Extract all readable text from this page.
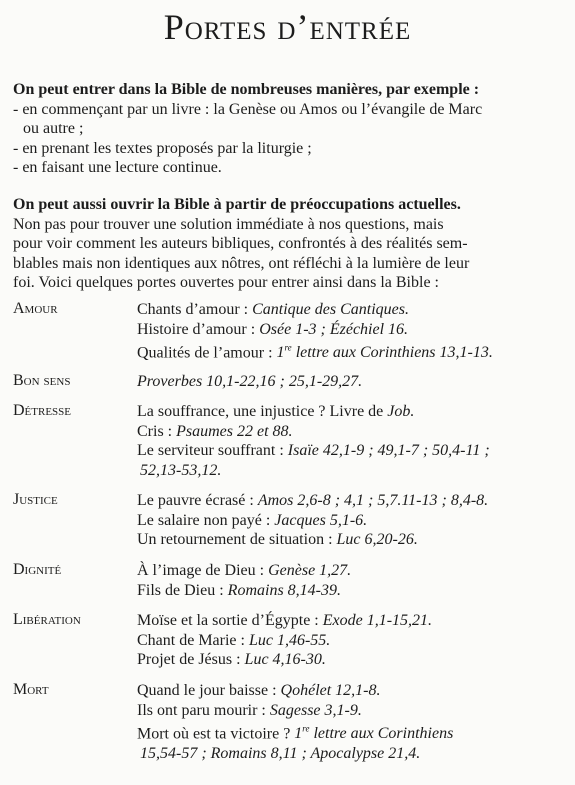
Portes d’entrée
On peut entrer dans la Bible de nombreuses manières, par exemple :
- en commençant par un livre : la Genèse ou Amos ou l’évangile de Marc
ou autre ;
- en prenant les textes proposés par la liturgie ;
- en faisant une lecture continue.
On peut aussi ouvrir la Bible à partir de préoccupations actuelles.
Non pas pour trouver une solution immédiate à nos questions, mais
pour voir comment les auteurs bibliques, confrontés à des réalités sem-
blables mais non identiques aux nôtres, ont réfléchi à la lumière de leur
foi. Voici quelques portes ouvertes pour entrer ainsi dans la Bible :
Amour	Chants d’amour : Cantique des Cantiques.
Histoire d’amour : Osée 1-3 ; Ézéchiel 16.
Qualités de l’amour : 1re lettre aux Corinthiens 13,1-13.
Bon sens	Proverbes 10,1-22,16 ; 25,1-29,27.
Détresse	La souffrance, une injustice ? Livre de Job.
Cris : Psaumes 22 et 88.
Le serviteur souffrant : Isaïe 42,1-9 ; 49,1-7 ; 50,4-11 ;
52,13-53,12.
Justice	Le pauvre écrasé : Amos 2,6-8 ; 4,1 ; 5,7.11-13 ; 8,4-8.
Le salaire non payé : Jacques 5,1-6.
Un retournement de situation : Luc 6,20-26.
Dignité	À l’image de Dieu : Genèse 1,27.
Fils de Dieu : Romains 8,14-39.
Libération	Moïse et la sortie d’Égypte : Exode 1,1-15,21.
Chant de Marie : Luc 1,46-55.
Projet de Jésus : Luc 4,16-30.
Mort	Quand le jour baisse : Qohélet 12,1-8.
Ils ont paru mourir : Sagesse 3,1-9.
Mort où est ta victoire ? 1re lettre aux Corinthiens
15,54-57 ; Romains 8,11 ; Apocalypse 21,4.
